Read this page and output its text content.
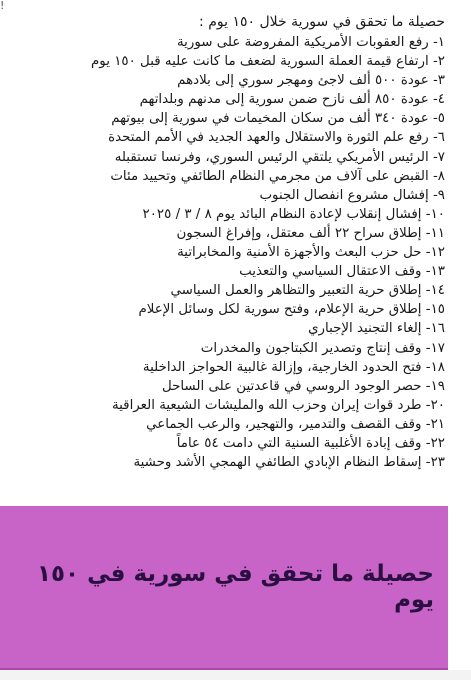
!

حصيلة ما تحقق في سورية خلال ١٥٠ يوم :

١- رفع العقوبات الأمريكية المفروضة على سورية
٢- ارتفاع قيمة العملة السورية لضعف ما كانت عليه قبل ١٥٠ يوم
٣- عودة ٥٠٠ ألف لاجئ ومهجر سوري إلى بلادهم
٤- عودة ٨٥٠ ألف نازح ضمن سورية إلى مدنهم وبلداتهم
٥- عودة ٣٤٠ ألف من سكان المخيمات في سورية إلى بيوتهم
٦- رفع علم الثورة والاستقلال والعهد الجديد في الأمم المتحدة
٧- الرئيس الأمريكي يلتقي الرئيس السوري، وفرنسا تستقبله
٨- القبض على آلاف من مجرمي النظام الطائفي وتحييد مئات
٩- إفشال مشروع انفصال الجنوب
١٠- إفشال إنقلاب لإعادة النظام البائد يوم ٨ / ٣ / ٢٠٢٥
١١- إطلاق سراح ٢٢ ألف معتقل، وإفراغ السجون
١٢- حل حزب البعث والأجهزة الأمنية والمخابراتية
١٣- وقف الاعتقال السياسي والتعذيب
١٤- إطلاق حرية التعبير والتظاهر والعمل السياسي
١٥- إطلاق حرية الإعلام، وفتح سورية لكل وسائل الإعلام
١٦- إلغاء التجنيد الإجباري
١٧- وقف إنتاج وتصدير الكبتاجون والمخدرات
١٨- فتح الحدود الخارجية، وإزالة غالبية الحواجز الداخلية
١٩- حصر الوجود الروسي في قاعدتين على الساحل
٢٠- طرد قوات إيران وحزب الله والمليشات الشيعية العراقية
٢١- وقف القصف والتدمير، والتهجير، والرعب الجماعي
٢٢- وقف إبادة الأغلبية السنية التي دامت ٥٤ عاماً
٢٣- إسقاط النظام الإبادي الطائفي الهمجي الأشد وحشية
حصيلة ما تحقق في سورية في ١٥٠ يوم
